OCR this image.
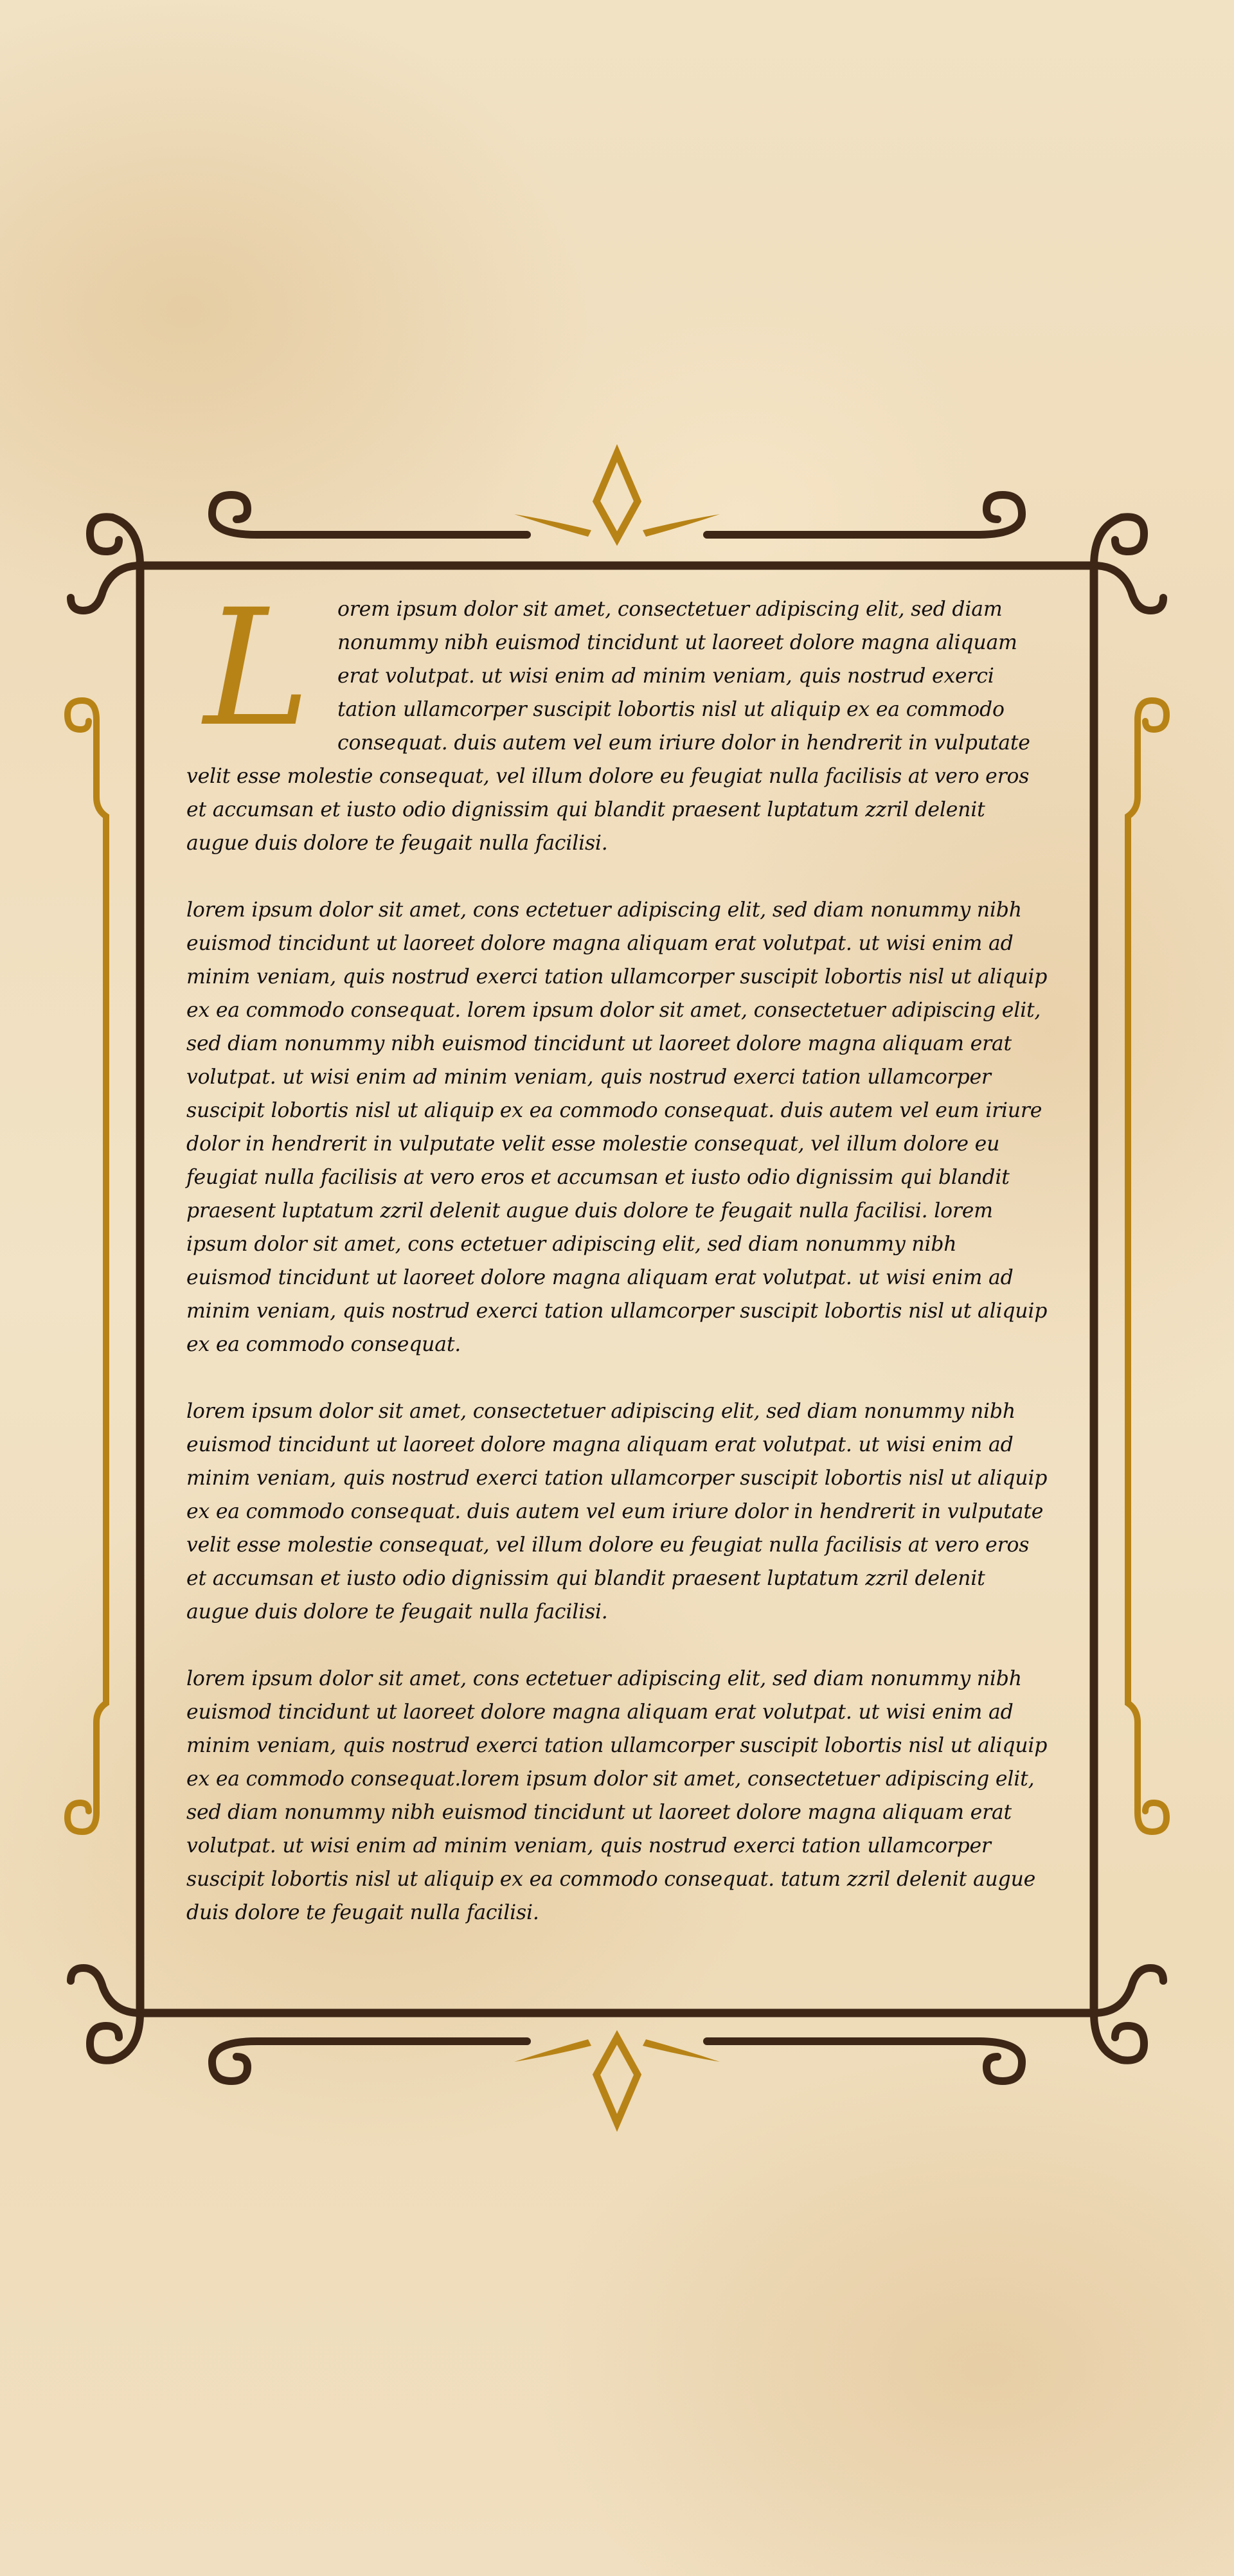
L	orem ipsum dolor sit amet, consectetuer adipiscing elit, sed diam nonummy nibh euismod tincidunt ut laoreet dolore magna aliquam erat volutpat. ut wisi enim ad minim veniam, quis nostrud exerci tation ullamcorper suscipit lobortis nisl ut aliquip ex ea commodo consequat. duis autem vel eum iriure dolor in hendrerit in vulputate velit esse molestie consequat, vel illum dolore eu feugiat nulla facilisis at vero eros et accumsan et iusto odio dignissim qui blandit praesent luptatum zzril delenit augue duis dolore te feugait nulla facilisi.

lorem ipsum dolor sit amet, cons ectetuer adipiscing elit, sed diam nonummy nibh euismod tincidunt ut laoreet dolore magna aliquam erat volutpat. ut wisi enim ad minim veniam, quis nostrud exerci tation ullamcorper suscipit lobortis nisl ut aliquip ex ea commodo consequat. lorem ipsum dolor sit amet, consectetuer adipiscing elit, sed diam nonummy nibh euismod tincidunt ut laoreet dolore magna aliquam erat volutpat. ut wisi enim ad minim veniam, quis nostrud exerci tation ullamcorper suscipit lobortis nisl ut aliquip ex ea commodo consequat. duis autem vel eum iriure dolor in hendrerit in vulputate velit esse molestie consequat, vel illum dolore eu feugiat nulla facilisis at vero eros et accumsan et iusto odio dignissim qui blandit praesent luptatum zzril delenit augue duis dolore te feugait nulla facilisi. lorem ipsum dolor sit amet, cons ectetuer adipiscing elit, sed diam nonummy nibh euismod tincidunt ut laoreet dolore magna aliquam erat volutpat. ut wisi enim ad minim veniam, quis nostrud exerci tation ullamcorper suscipit lobortis nisl ut aliquip ex ea commodo consequat.

lorem ipsum dolor sit amet, consectetuer adipiscing elit, sed diam nonummy nibh euismod tincidunt ut laoreet dolore magna aliquam erat volutpat. ut wisi enim ad minim veniam, quis nostrud exerci tation ullamcorper suscipit lobortis nisl ut aliquip ex ea commodo consequat. duis autem vel eum iriure dolor in hendrerit in vulputate velit esse molestie consequat, vel illum dolore eu feugiat nulla facilisis at vero eros et accumsan et iusto odio dignissim qui blandit praesent luptatum zzril delenit augue duis dolore te feugait nulla facilisi.

lorem ipsum dolor sit amet, cons ectetuer adipiscing elit, sed diam nonummy nibh euismod tincidunt ut laoreet dolore magna aliquam erat volutpat. ut wisi enim ad minim veniam, quis nostrud exerci tation ullamcorper suscipit lobortis nisl ut aliquip ex ea commodo consequat.lorem ipsum dolor sit amet, consectetuer adipiscing elit, sed diam nonummy nibh euismod tincidunt ut laoreet dolore magna aliquam erat volutpat. ut wisi enim ad minim veniam, quis nostrud exerci tation ullamcorper suscipit lobortis nisl ut aliquip ex ea commodo consequat. tatum zzril delenit augue duis dolore te feugait nulla facilisi.
